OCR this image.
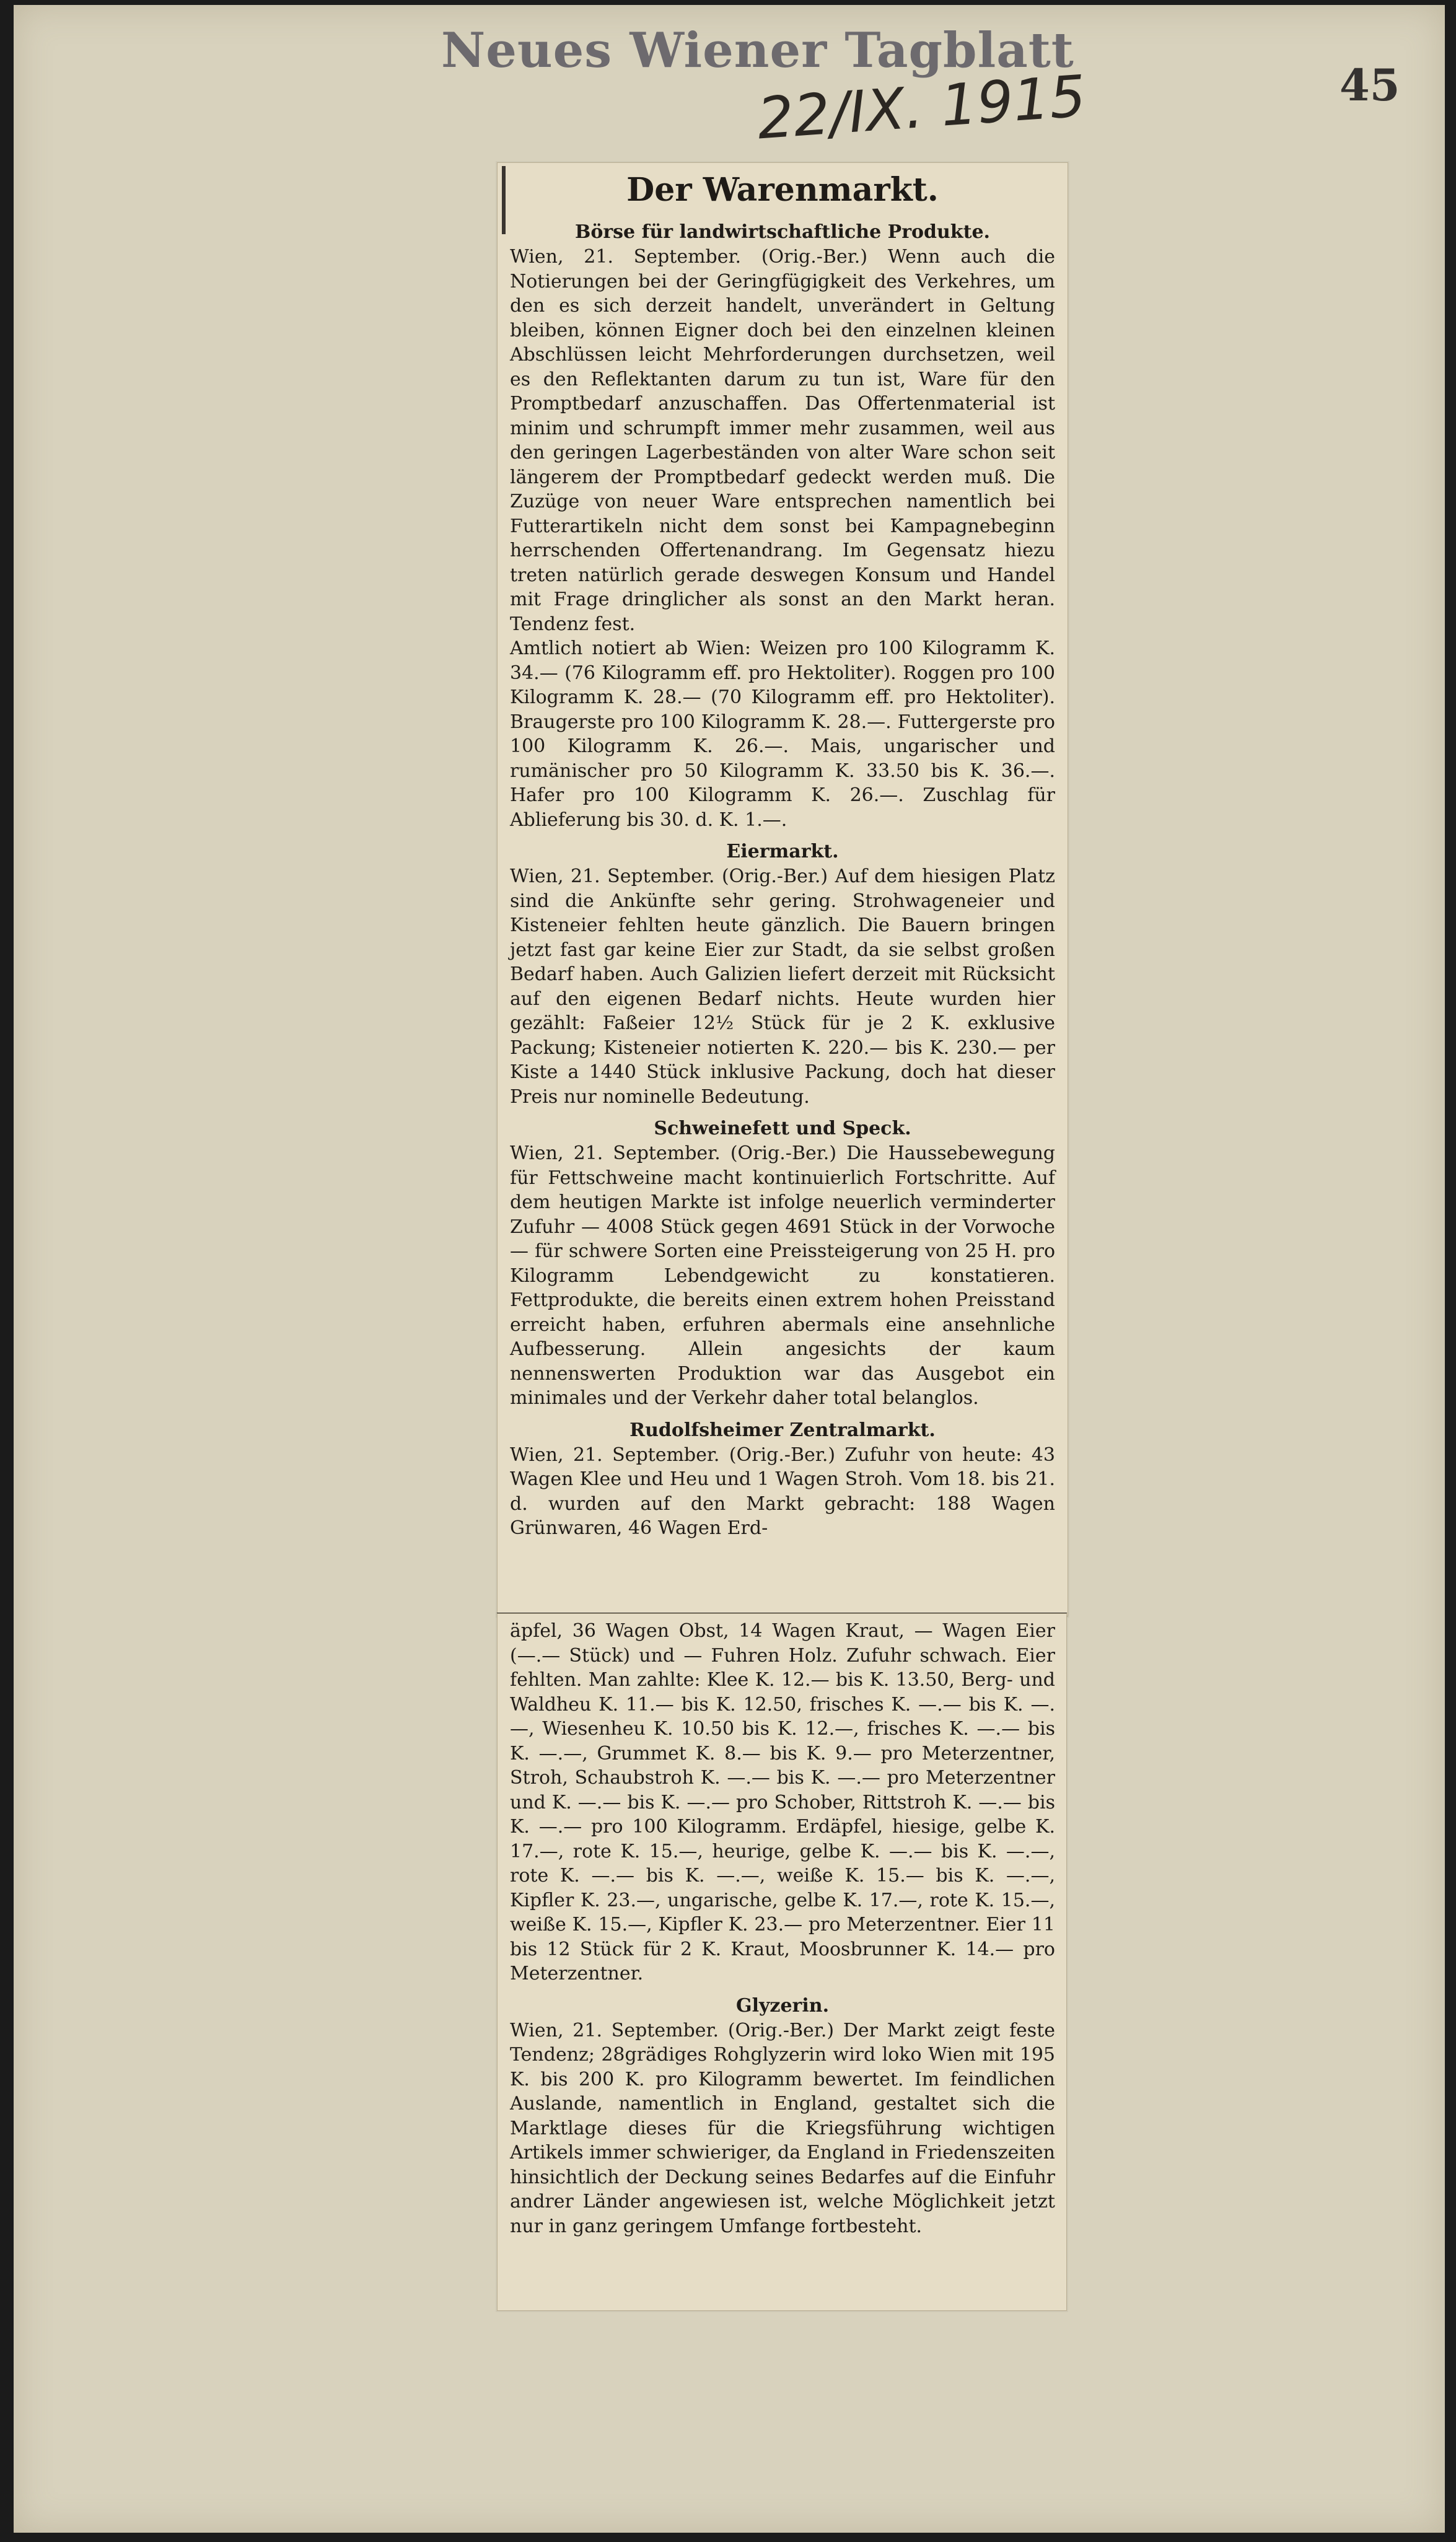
Neues Wiener Tagblatt
22/IX. 1915	45
Der Warenmarkt.
Börse für landwirtschaftliche Produkte.

Wien, 21. September. (Orig.-Ber.) Wenn auch die Notierungen bei der Geringfügigkeit des Verkehres, um den es sich derzeit handelt, unverändert in Geltung bleiben, können Eigner doch bei den einzelnen kleinen Abschlüssen leicht Mehrforderungen durchsetzen, weil es den Reflektanten darum zu tun ist, Ware für den Promptbedarf anzuschaffen. Das Offertenmaterial ist minim und schrumpft immer mehr zusammen, weil aus den geringen Lagerbeständen von alter Ware schon seit längerem der Promptbedarf gedeckt werden muß. Die Zuzüge von neuer Ware entsprechen namentlich bei Futterartikeln nicht dem sonst bei Kampagnebeginn herrschenden Offertenandrang. Im Gegensatz hiezu treten natürlich gerade deswegen Konsum und Handel mit Frage dringlicher als sonst an den Markt heran. Tendenz fest.

Amtlich notiert ab Wien: Weizen pro 100 Kilogramm K. 34.— (76 Kilogramm eff. pro Hektoliter). Roggen pro 100 Kilogramm K. 28.— (70 Kilogramm eff. pro Hektoliter). Braugerste pro 100 Kilogramm K. 28.—. Futtergerste pro 100 Kilogramm K. 26.—. Mais, ungarischer und rumänischer pro 50 Kilogramm K. 33.50 bis K. 36.—. Hafer pro 100 Kilogramm K. 26.—. Zuschlag für Ablieferung bis 30. d. K. 1.—.

Eiermarkt.

Wien, 21. September. (Orig.-Ber.) Auf dem hiesigen Platz sind die Ankünfte sehr gering. Strohwageneier und Kisteneier fehlten heute gänzlich. Die Bauern bringen jetzt fast gar keine Eier zur Stadt, da sie selbst großen Bedarf haben. Auch Galizien liefert derzeit mit Rücksicht auf den eigenen Bedarf nichts. Heute wurden hier gezählt: Faßeier 12½ Stück für je 2 K. exklusive Packung; Kisteneier notierten K. 220.— bis K. 230.— per Kiste a 1440 Stück inklusive Packung, doch hat dieser Preis nur nominelle Bedeutung.

Schweinefett und Speck.

Wien, 21. September. (Orig.-Ber.) Die Haussebewegung für Fettschweine macht kontinuierlich Fortschritte. Auf dem heutigen Markte ist infolge neuerlich verminderter Zufuhr — 4008 Stück gegen 4691 Stück in der Vorwoche — für schwere Sorten eine Preissteigerung von 25 H. pro Kilogramm Lebendgewicht zu konstatieren. Fettprodukte, die bereits einen extrem hohen Preisstand erreicht haben, erfuhren abermals eine ansehnliche Aufbesserung. Allein angesichts der kaum nennenswerten Produktion war das Ausgebot ein minimales und der Verkehr daher total belanglos.

Rudolfsheimer Zentralmarkt.

Wien, 21. September. (Orig.-Ber.) Zufuhr von heute: 43 Wagen Klee und Heu und 1 Wagen Stroh. Vom 18. bis 21. d. wurden auf den Markt gebracht: 188 Wagen Grünwaren, 46 Wagen Erd-

äpfel, 36 Wagen Obst, 14 Wagen Kraut, — Wagen Eier (—.— Stück) und — Fuhren Holz. Zufuhr schwach. Eier fehlten. Man zahlte: Klee K. 12.— bis K. 13.50, Berg- und Waldheu K. 11.— bis K. 12.50, frisches K. —.— bis K. —.—, Wiesenheu K. 10.50 bis K. 12.—, frisches K. —.— bis K. —.—, Grummet K. 8.— bis K. 9.— pro Meterzentner, Stroh, Schaubstroh K. —.— bis K. —.— pro Meterzentner und K. —.— bis K. —.— pro Schober, Rittstroh K. —.— bis K. —.— pro 100 Kilogramm. Erdäpfel, hiesige, gelbe K. 17.—, rote K. 15.—, heurige, gelbe K. —.— bis K. —.—, rote K. —.— bis K. —.—, weiße K. 15.— bis K. —.—, Kipfler K. 23.—, ungarische, gelbe K. 17.—, rote K. 15.—, weiße K. 15.—, Kipfler K. 23.— pro Meterzentner. Eier 11 bis 12 Stück für 2 K. Kraut, Moosbrunner K. 14.— pro Meterzentner.

Glyzerin.

Wien, 21. September. (Orig.-Ber.) Der Markt zeigt feste Tendenz; 28grädiges Rohglyzerin wird loko Wien mit 195 K. bis 200 K. pro Kilogramm bewertet. Im feindlichen Auslande, namentlich in England, gestaltet sich die Marktlage dieses für die Kriegsführung wichtigen Artikels immer schwieriger, da England in Friedenszeiten hinsichtlich der Deckung seines Bedarfes auf die Einfuhr andrer Länder angewiesen ist, welche Möglichkeit jetzt nur in ganz geringem Umfange fortbesteht.
